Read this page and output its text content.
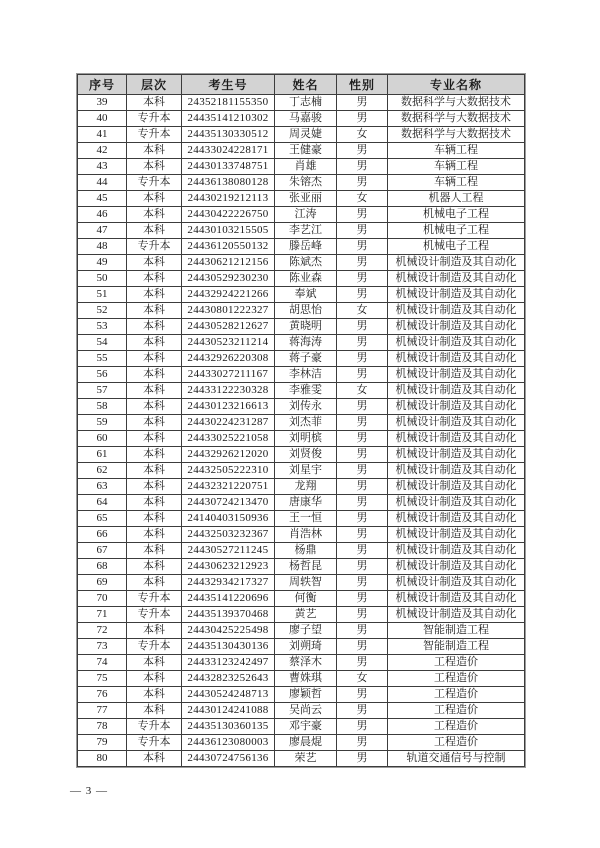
序号	层次	考生号	姓名	性别	专业名称
39	本科	24352181155350	丁志楠	男	数据科学与大数据技术
40	专升本	24435141210302	马嘉骏	男	数据科学与大数据技术
41	专升本	24435130330512	周灵婕	女	数据科学与大数据技术
42	本科	24433024228171	王健豪	男	车辆工程
43	本科	24430133748751	肖雄	男	车辆工程
44	专升本	24436138080128	朱镕杰	男	车辆工程
45	本科	24430219212113	张亚丽	女	机器人工程
46	本科	24430422226750	江涛	男	机械电子工程
47	本科	24430103215505	李艺江	男	机械电子工程
48	专升本	24436120550132	滕岳峰	男	机械电子工程
49	本科	24430621212156	陈斌杰	男	机械设计制造及其自动化
50	本科	24430529230230	陈业森	男	机械设计制造及其自动化
51	本科	24432924221266	奉斌	男	机械设计制造及其自动化
52	本科	24430801222327	胡思怡	女	机械设计制造及其自动化
53	本科	24430528212627	黄晓明	男	机械设计制造及其自动化
54	本科	24430523211214	蒋海涛	男	机械设计制造及其自动化
55	本科	24432926220308	蒋子豪	男	机械设计制造及其自动化
56	本科	24433027211167	李林洁	男	机械设计制造及其自动化
57	本科	24433122230328	李雅雯	女	机械设计制造及其自动化
58	本科	24430123216613	刘传永	男	机械设计制造及其自动化
59	本科	24430224231287	刘杰菲	男	机械设计制造及其自动化
60	本科	24433025221058	刘明槟	男	机械设计制造及其自动化
61	本科	24432926212020	刘贤俊	男	机械设计制造及其自动化
62	本科	24432505222310	刘星宇	男	机械设计制造及其自动化
63	本科	24432321220751	龙翔	男	机械设计制造及其自动化
64	本科	24430724213470	唐康华	男	机械设计制造及其自动化
65	本科	24140403150936	王一恒	男	机械设计制造及其自动化
66	本科	24432503232367	肖浩林	男	机械设计制造及其自动化
67	本科	24430527211245	杨鼎	男	机械设计制造及其自动化
68	本科	24430623212923	杨哲昆	男	机械设计制造及其自动化
69	本科	24432934217327	周轶智	男	机械设计制造及其自动化
70	专升本	24435141220696	何衡	男	机械设计制造及其自动化
71	专升本	24435139370468	黄艺	男	机械设计制造及其自动化
72	本科	24430425225498	廖子望	男	智能制造工程
73	专升本	24435130430136	刘朔琦	男	智能制造工程
74	本科	24433123242497	蔡泽木	男	工程造价
75	本科	24432823252643	曹姝琪	女	工程造价
76	本科	24430524248713	廖颖哲	男	工程造价
77	本科	24430124241088	吴尚云	男	工程造价
78	专升本	24435130360135	邓宇豪	男	工程造价
79	专升本	24436123080003	廖晨焜	男	工程造价
80	本科	24430724756136	荣艺	男	轨道交通信号与控制
— 3 —
